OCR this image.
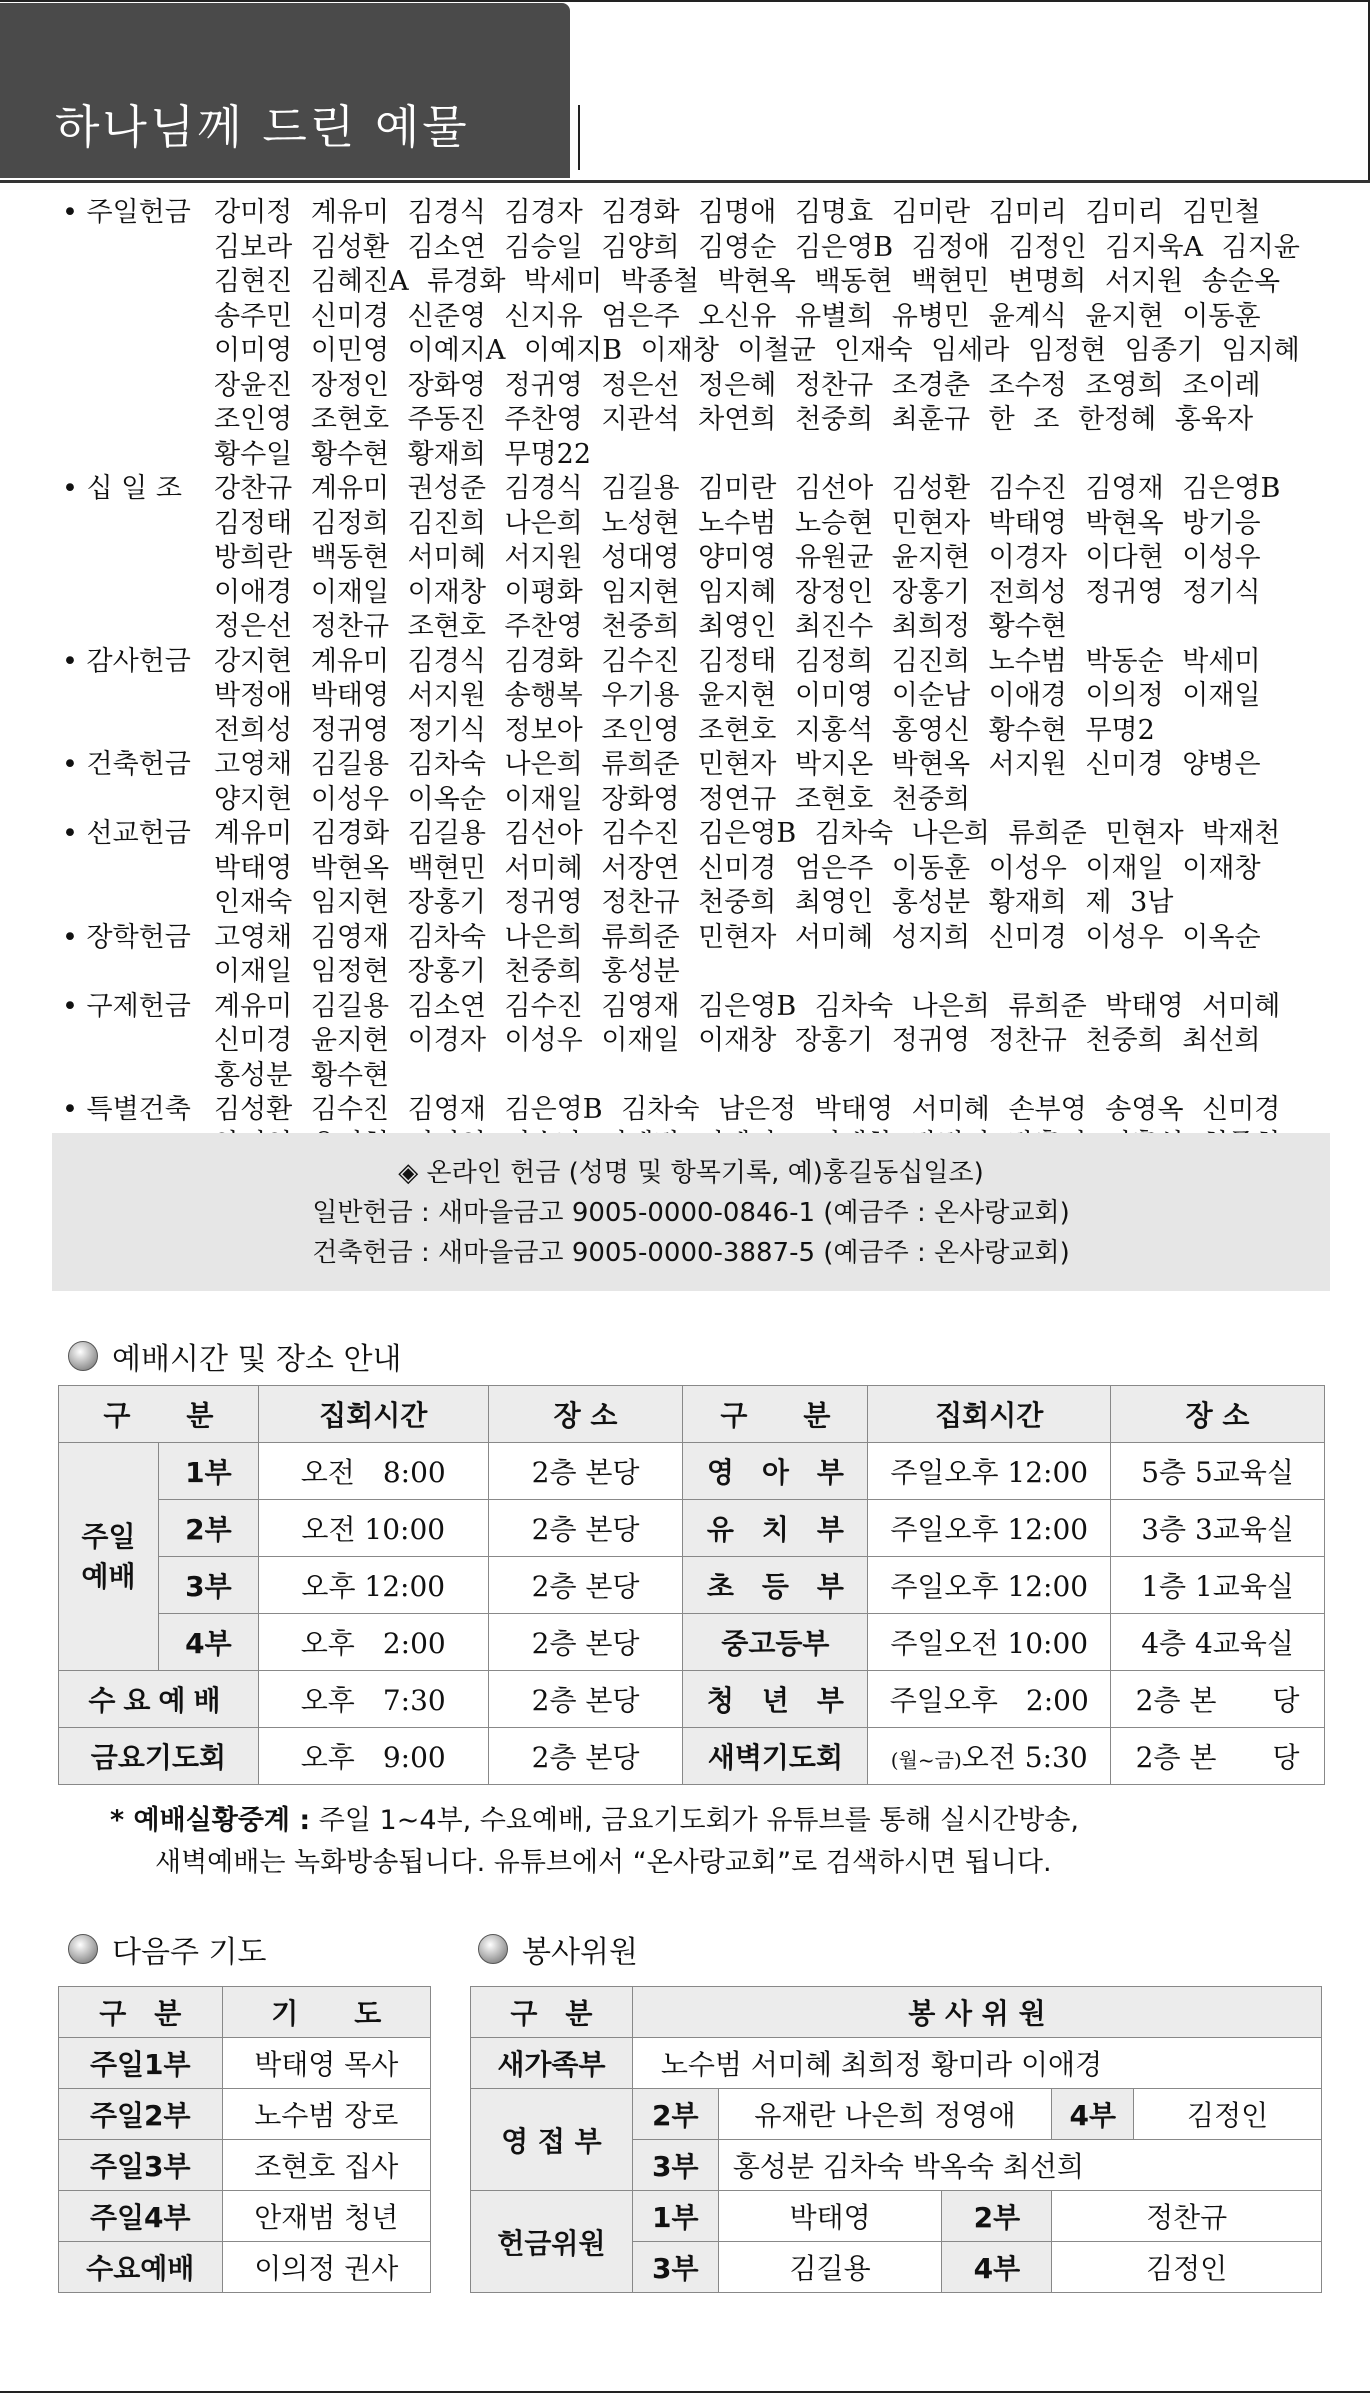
하나님께 드린 예물
• 주일헌금 강미정 계유미 김경식 김경자 김경화 김명애 김명효 김미란 김미리 김미리 김민철
김보라 김성환 김소연 김승일 김양희 김영순 김은영B 김정애 김정인 김지욱A 김지윤
김현진 김혜진A 류경화 박세미 박종철 박현옥 백동현 백현민 변명희 서지원 송순옥
송주민 신미경 신준영 신지유 엄은주 오신유 유별희 유병민 윤계식 윤지현 이동훈
이미영 이민영 이예지A 이예지B 이재창 이철균 인재숙 임세라 임정현 임종기 임지혜
장윤진 장정인 장화영 정귀영 정은선 정은혜 정찬규 조경춘 조수정 조영희 조이레
조인영 조현호 주동진 주찬영 지관석 차연희 천중희 최훈규 한 조 한정혜 홍육자
황수일 황수현 황재희 무명22
• 십 일 조	강찬규 계유미 권성준 김경식 김길용 김미란 김선아 김성환 김수진 김영재 김은영B
김정태 김정희 김진희 나은희 노성현 노수범 노승현 민현자 박태영 박현옥 방기응
방희란 백동현 서미혜 서지원 성대영 양미영 유원균 윤지현 이경자 이다현 이성우
이애경 이재일 이재창 이평화 임지현 임지혜 장정인 장홍기 전희성 정귀영 정기식
정은선 정찬규 조현호 주찬영 천중희 최영인 최진수 최희정 황수현
• 감사헌금 강지현 계유미 김경식 김경화 김수진 김정태 김정희 김진희 노수범 박동순 박세미
박정애 박태영 서지원 송행복 우기용 윤지현 이미영 이순남 이애경 이의정 이재일
전희성 정귀영 정기식 정보아 조인영 조현호 지홍석 홍영신 황수현 무명2
• 건축헌금 고영채 김길용 김차숙 나은희 류희준 민현자 박지온 박현옥 서지원 신미경 양병은
양지현 이성우 이옥순 이재일 장화영 정연규 조현호 천중희
• 선교헌금 계유미 김경화 김길용 김선아 김수진 김은영B 김차숙 나은희 류희준 민현자 박재천
박태영 박현옥 백현민 서미혜 서장연 신미경 엄은주 이동훈 이성우 이재일 이재창
인재숙 임지현 장홍기 정귀영 정찬규 천중희 최영인 홍성분 황재희 제 3남
• 장학헌금 고영채 김영재 김차숙 나은희 류희준 민현자 서미혜 성지희 신미경 이성우 이옥순
이재일 임정현 장홍기 천중희 홍성분
• 구제헌금 계유미 김길용 김소연 김수진 김영재 김은영B 김차숙 나은희 류희준 박태영 서미혜
신미경 윤지현 이경자 이성우 이재일 이재창 장홍기 정귀영 정찬규 천중희 최선희
홍성분 황수현
• 특별건축 김성환 김수진 김영재 김은영B 김차숙 남은정 박태영 서미혜 손부영 송영옥 신미경
◈ 온라인 헌금 (성명 및 항목기록, 예)홍길동십일조)
일반헌금 : 새마을금고 9005-0000-0846-1 (예금주 : 온사랑교회)
건축헌금 : 새마을금고 9005-0000-3887-5 (예금주 : 온사랑교회)
예배시간 및 장소 안내
구　　분		집회시간	장 소	구　　분	집회시간	장 소
주일
예배	1부	오전　8:00	2층 본당	영　아　부	주일오후 12:00	5층 5교육실
	2부	오전 10:00	2층 본당	유　치　부	주일오후 12:00	3층 3교육실
	3부	오후 12:00	2층 본당	초　등　부	주일오후 12:00	1층 1교육실
	4부	오후　2:00	2층 본당	중고등부	주일오전 10:00	4층 4교육실
수요예배		오후　7:30	2층 본당	청　년　부	주일오후　2:00	2층 본　　당
금요기도회		오후　9:00	2층 본당	새벽기도회	(월~금)오전 5:30	2층 본　　당
* 예배실황중계 : 주일 1~4부, 수요예배, 금요기도회가 유튜브를 통해 실시간방송,
새벽예배는 녹화방송됩니다. 유튜브에서 “온사랑교회”로 검색하시면 됩니다.
다음주 기도	봉사위원
구　분	기　　도
주일1부	박태영 목사
주일2부	노수범 장로
주일3부	조현호 집사
주일4부	안재범 청년
수요예배	이의정 권사
구　분	봉 사 위 원				
새가족부	노수범 서미혜 최희정 황미라 이애경				
영 접 부	2부	유재란 나은희 정영애		4부	김정인
	3부	홍성분 김차숙 박옥숙 최선희			
헌금위원	1부	박태영	2부	정찬규	
	3부	김길용	4부	김정인	
